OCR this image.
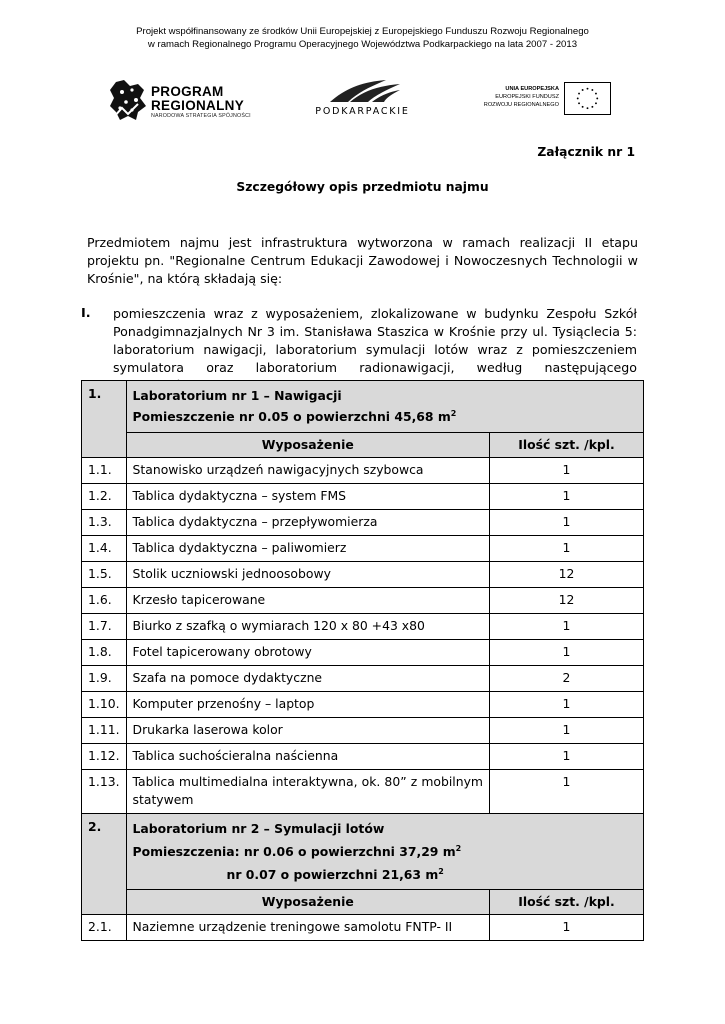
Projekt współfinansowany ze środków Unii Europejskiej z Europejskiego Funduszu Rozwoju Regionalnego
w ramach Regionalnego Programu Operacyjnego Województwa Podkarpackiego na lata 2007 - 2013
PROGRAM
REGIONALNY
NARODOWA STRATEGIA SPÓJNOŚCI	PODKARPACKIE
UNIA EUROPEJSKA
EUROPEJSKI FUNDUSZ
ROZWOJU REGIONALNEGO
Załącznik nr 1
Szczegółowy opis przedmiotu najmu
Przedmiotem najmu jest infrastruktura wytworzona w ramach realizacji II etapu projektu pn. "Regionalne Centrum Edukacji Zawodowej i Nowoczesnych Technologii w Krośnie", na którą składają się:
I. pomieszczenia wraz z wyposażeniem, zlokalizowane w budynku Zespołu Szkół Ponadgimnazjalnych Nr 3 im. Stanisława Staszica w Krośnie przy ul. Tysiąclecia 5: laboratorium nawigacji, laboratorium symulacji lotów wraz z pomieszczeniem symulatora oraz laboratorium radionawigacji, według następującego
1.	Laboratorium nr 1 – Nawigacji
Pomieszczenie nr 0.05 o powierzchni 45,68 $m^2$

	Wyposażenie	Ilość szt. /kpl.
1.1.	Stanowisko urządzeń nawigacyjnych szybowca	1
1.2.	Tablica dydaktyczna – system FMS	1
1.3.	Tablica dydaktyczna – przepływomierza	1
1.4.	Tablica dydaktyczna – paliwomierz	1
1.5.	Stolik uczniowski jednoosobowy	12
1.6.	Krzesło tapicerowane	12
1.7.	Biurko z szafką o wymiarach 120 x 80 +43 x80	1
1.8.	Fotel tapicerowany obrotowy	1
1.9.	Szafa na pomoce dydaktyczne	2
1.10.	Komputer przenośny – laptop	1
1.11.	Drukarka laserowa kolor	1
1.12.	Tablica suchościeralna naścienna	1
1.13.	Tablica multimedialna interaktywna, ok. 80” z mobilnym statywem	1
2.	Laboratorium nr 2 – Symulacji lotów
Pomieszczenia: nr 0.06 o powierzchni 37,29 $m^2$
nr 0.07 o powierzchni 21,63 $m^2$

	Wyposażenie	Ilość szt. /kpl.
2.1.	Naziemne urządzenie treningowe samolotu FNTP- II	1
